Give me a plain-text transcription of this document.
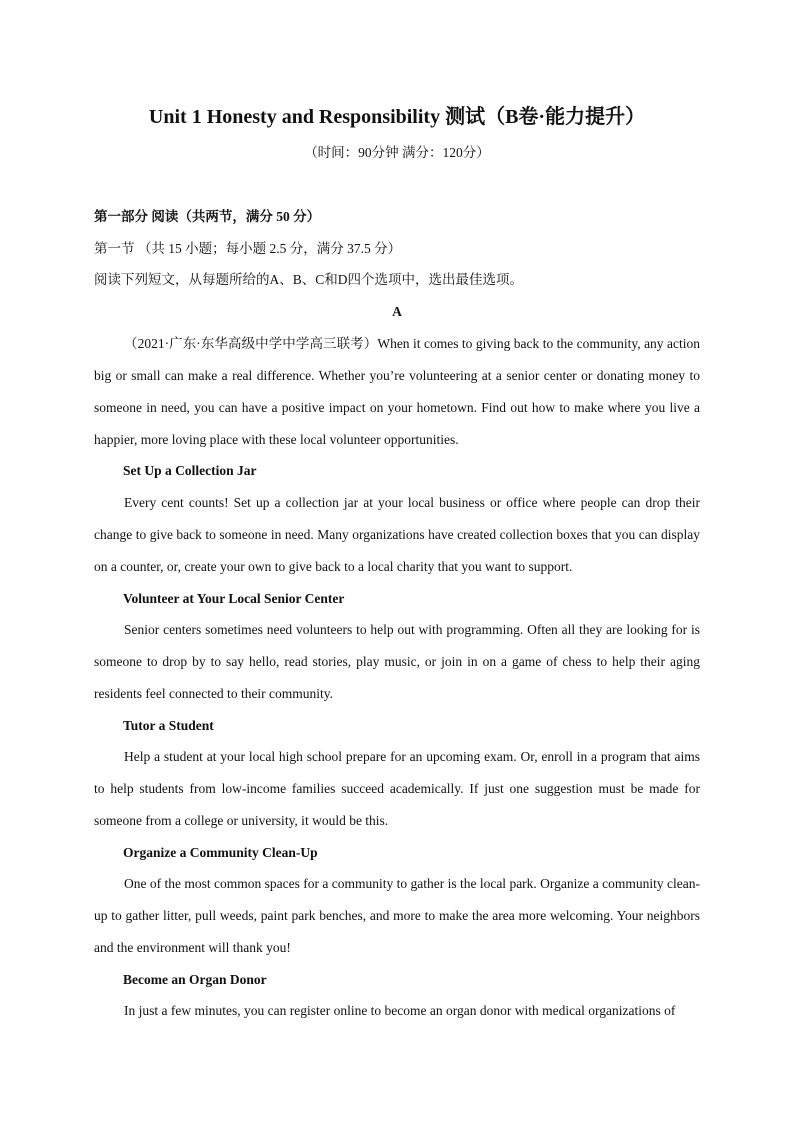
Unit 1 Honesty and Responsibility 测试（B卷·能力提升）
（时间：90分钟 满分：120分）
第一部分 阅读（共两节，满分 50 分）
第一节 （共 15 小题；每小题 2.5 分，满分 37.5 分）
阅读下列短文，从每题所给的A、B、C和D四个选项中，选出最佳选项。
A
（2021·广东·东华高级中学中学高三联考）When it comes to giving back to the community, any action big or small can make a real difference. Whether you’re volunteering at a senior center or donating money to someone in need, you can have a positive impact on your hometown. Find out how to make where you live a happier, more loving place with these local volunteer opportunities.
Set Up a Collection Jar
Every cent counts! Set up a collection jar at your local business or office where people can drop their change to give back to someone in need. Many organizations have created collection boxes that you can display on a counter, or, create your own to give back to a local charity that you want to support.
Volunteer at Your Local Senior Center
Senior centers sometimes need volunteers to help out with programming. Often all they are looking for is someone to drop by to say hello, read stories, play music, or join in on a game of chess to help their aging residents feel connected to their community.
Tutor a Student
Help a student at your local high school prepare for an upcoming exam. Or, enroll in a program that aims to help students from low-income families succeed academically. If just one suggestion must be made for someone from a college or university, it would be this.
Organize a Community Clean-Up
One of the most common spaces for a community to gather is the local park. Organize a community clean-up to gather litter, pull weeds, paint park benches, and more to make the area more welcoming. Your neighbors and the environment will thank you!
Become an Organ Donor
In just a few minutes, you can register online to become an organ donor with medical organizations of
